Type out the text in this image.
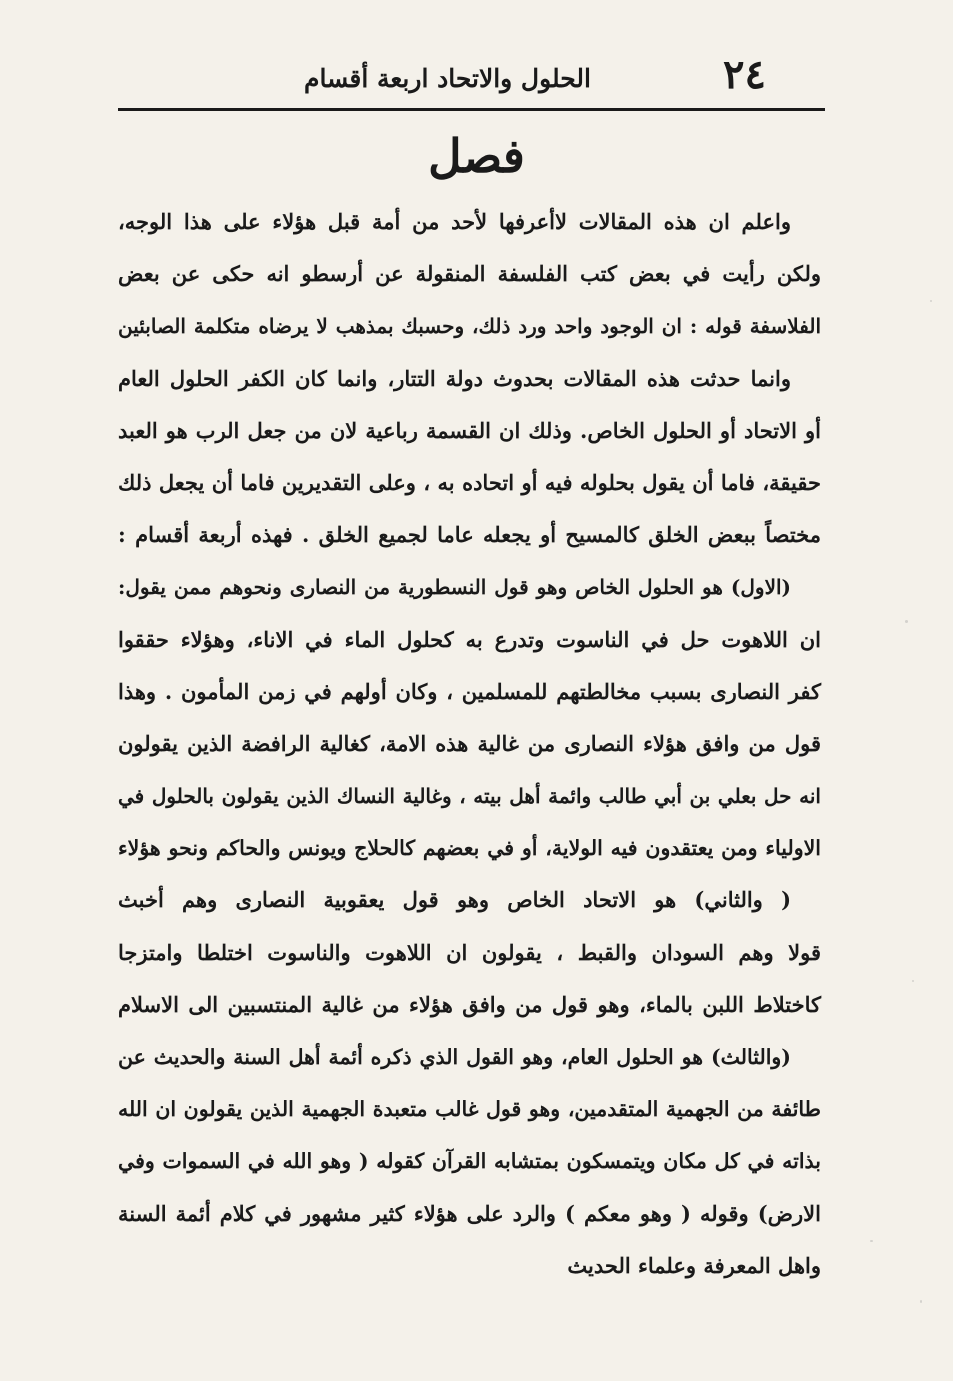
٢٤
الحلول والاتحاد اربعة أقسام
فصل
واعلم ان هذه المقالات لاأعرفها لأحد من أمة قبل هؤلاء على هذا الوجه،
ولكن رأيت في بعض كتب الفلسفة المنقولة عن أرسطو انه حكى عن بعض
الفلاسفة قوله : ان الوجود واحد ورد ذلك، وحسبك بمذهب لا يرضاه متكلمة الصابئين
وانما حدثت هذه المقالات بحدوث دولة التتار، وانما كان الكفر الحلول العام
أو الاتحاد أو الحلول الخاص. وذلك ان القسمة رباعية لان من جعل الرب هو العبد
حقيقة، فاما أن يقول بحلوله فيه أو اتحاده به ، وعلى التقديرين فاما أن يجعل ذلك
مختصاً ببعض الخلق كالمسيح أو يجعله عاما لجميع الخلق . فهذه أربعة أقسام :
(الاول) هو الحلول الخاص وهو قول النسطورية من النصارى ونحوهم ممن يقول:
ان اللاهوت حل في الناسوت وتدرع به كحلول الماء في الاناء، وهؤلاء حققوا
كفر النصارى بسبب مخالطتهم للمسلمين ، وكان أولهم في زمن المأمون . وهذا
قول من وافق هؤلاء النصارى من غالية هذه الامة، كغالية الرافضة الذين يقولون
انه حل بعلي بن أبي طالب وائمة أهل بيته ، وغالية النساك الذين يقولون بالحلول في
الاولياء ومن يعتقدون فيه الولاية، أو في بعضهم كالحلاج ويونس والحاكم ونحو هؤلاء
( والثاني) هو الاتحاد الخاص وهو قول يعقوبية النصارى وهم أخبث
قولا وهم السودان والقبط ، يقولون ان اللاهوت والناسوت اختلطا وامتزجا
كاختلاط اللبن بالماء، وهو قول من وافق هؤلاء من غالية المنتسبين الى الاسلام
(والثالث) هو الحلول العام، وهو القول الذي ذكره أئمة أهل السنة والحديث عن
طائفة من الجهمية المتقدمين، وهو قول غالب متعبدة الجهمية الذين يقولون ان الله
بذاته في كل مكان ويتمسكون بمتشابه القرآن كقوله ( وهو الله في السموات وفي
الارض) وقوله ( وهو معكم ) والرد على هؤلاء كثير مشهور في كلام أئمة السنة
واهل المعرفة وعلماء الحديث
